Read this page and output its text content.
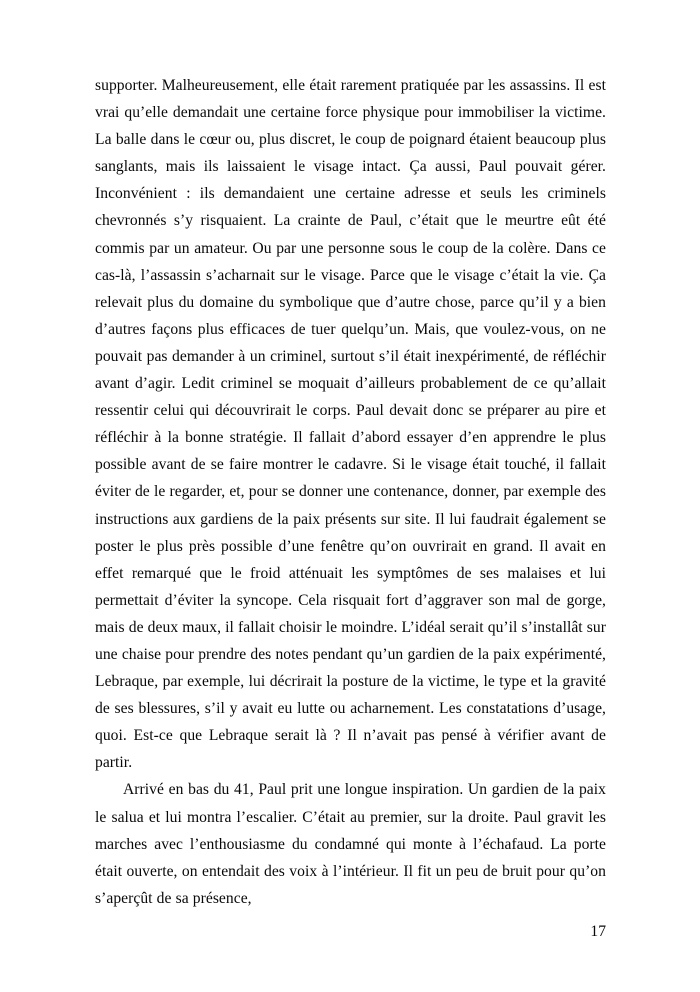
supporter. Malheureusement, elle était rarement pratiquée par les assassins. Il est vrai qu’elle demandait une certaine force physique pour immobiliser la victime. La balle dans le cœur ou, plus discret, le coup de poignard étaient beaucoup plus sanglants, mais ils laissaient le visage intact. Ça aussi, Paul pouvait gérer. Inconvénient : ils demandaient une certaine adresse et seuls les criminels chevronnés s’y risquaient. La crainte de Paul, c’était que le meurtre eût été commis par un amateur. Ou par une personne sous le coup de la colère. Dans ce cas-là, l’assassin s’acharnait sur le visage. Parce que le visage c’était la vie. Ça relevait plus du domaine du symbolique que d’autre chose, parce qu’il y a bien d’autres façons plus efficaces de tuer quelqu’un. Mais, que voulez-vous, on ne pouvait pas demander à un criminel, surtout s’il était inexpérimenté, de réfléchir avant d’agir. Ledit criminel se moquait d’ailleurs probablement de ce qu’allait ressentir celui qui découvrirait le corps. Paul devait donc se préparer au pire et réfléchir à la bonne stratégie. Il fallait d’abord essayer d’en apprendre le plus possible avant de se faire montrer le cadavre. Si le visage était touché, il fallait éviter de le regarder, et, pour se donner une contenance, donner, par exemple des instructions aux gardiens de la paix présents sur site. Il lui faudrait également se poster le plus près possible d’une fenêtre qu’on ouvrirait en grand. Il avait en effet remarqué que le froid atténuait les symptômes de ses malaises et lui permettait d’éviter la syncope. Cela risquait fort d’aggraver son mal de gorge, mais de deux maux, il fallait choisir le moindre. L’idéal serait qu’il s’installât sur une chaise pour prendre des notes pendant qu’un gardien de la paix expérimenté, Lebraque, par exemple, lui décrirait la posture de la victime, le type et la gravité de ses blessures, s’il y avait eu lutte ou acharnement. Les constatations d’usage, quoi. Est-ce que Lebraque serait là ? Il n’avait pas pensé à vérifier avant de partir.

Arrivé en bas du 41, Paul prit une longue inspiration. Un gardien de la paix le salua et lui montra l’escalier. C’était au premier, sur la droite. Paul gravit les marches avec l’enthousiasme du condamné qui monte à l’échafaud. La porte était ouverte, on entendait des voix à l’intérieur. Il fit un peu de bruit pour qu’on s’aperçût de sa présence,

17
